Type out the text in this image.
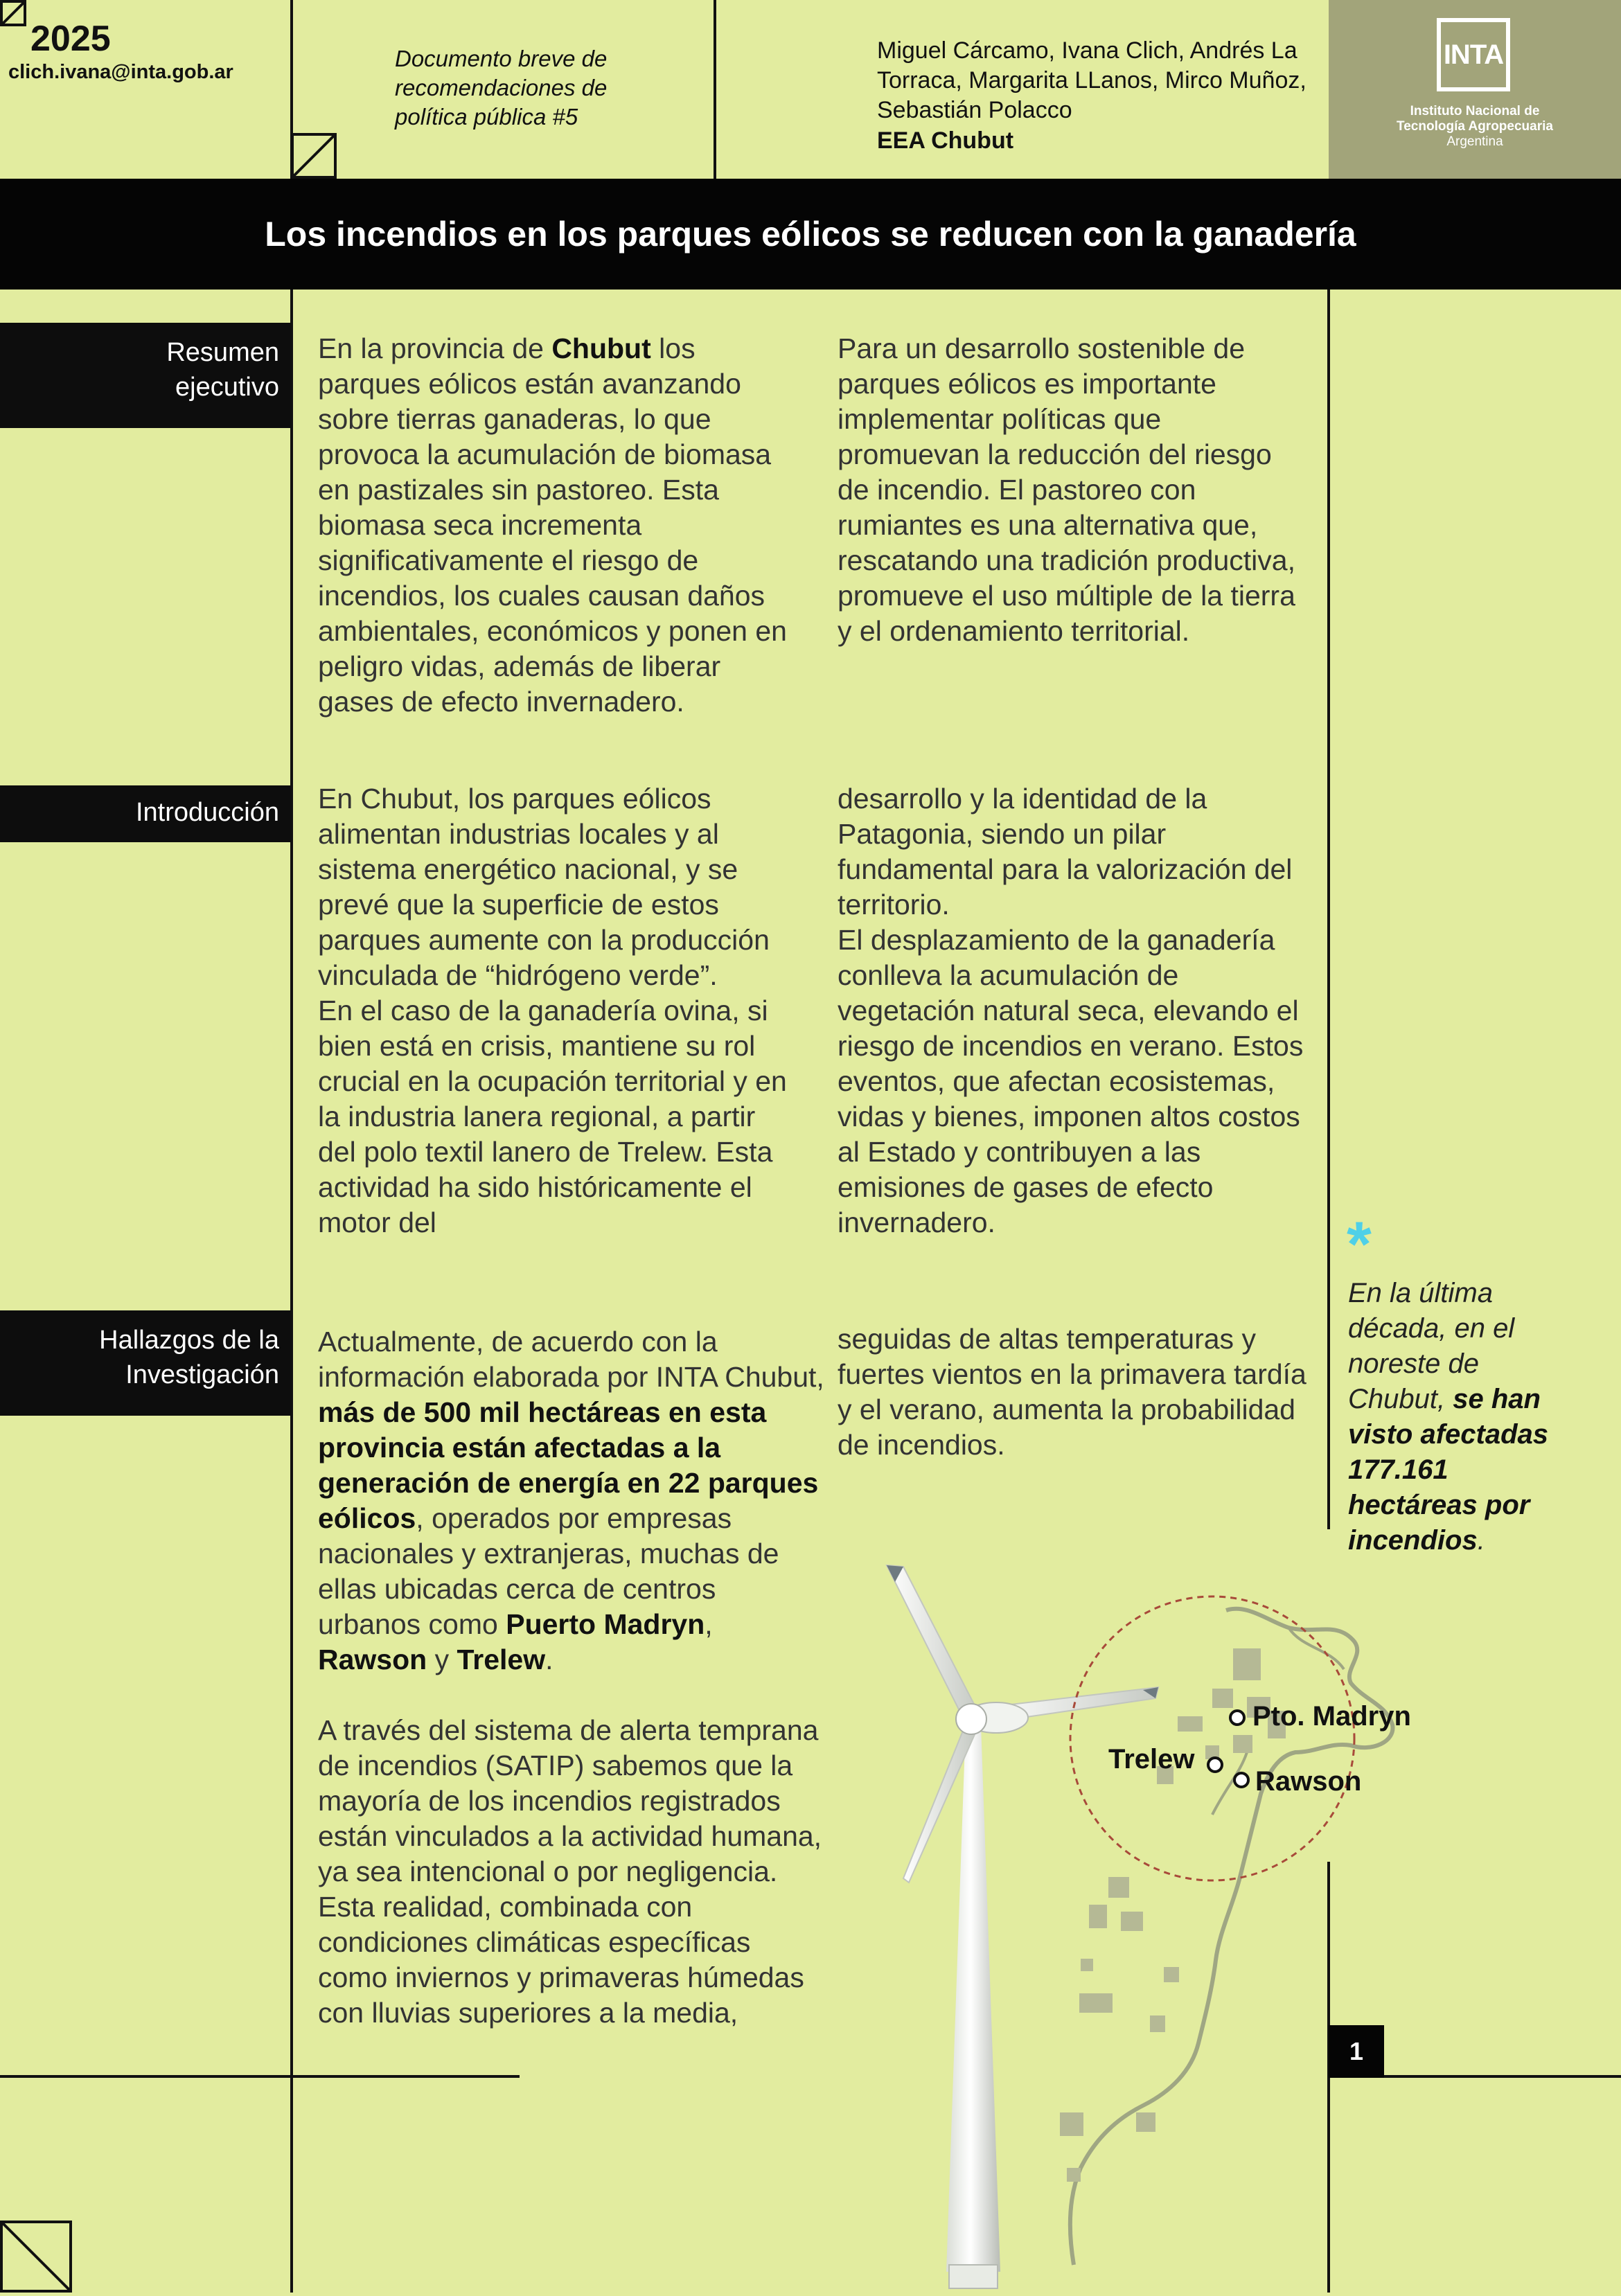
2025
clich.ivana@inta.gob.ar
Documento breve de recomendaciones de política pública #5
Miguel Cárcamo, Ivana Clich, Andrés La Torraca, Margarita LLanos, Mirco Muñoz, Sebastián Polacco
EEA Chubut
INTA
Instituto Nacional de
Tecnología Agropecuaria
Argentina
Los incendios en los parques eólicos se reducen con la ganadería
Pto. Madryn
Trelew
Rawson
Resumen ejecutivo
En la provincia de Chubut los parques eólicos están avanzando sobre tierras ganaderas, lo que provoca la acumulación de biomasa en pastizales sin pastoreo. Esta biomasa seca incrementa significativamente el riesgo de incendios, los cuales causan daños ambientales, económicos y ponen en peligro vidas, además de liberar gases de efecto invernadero.
Para un desarrollo sostenible de parques eólicos es importante implementar políticas que promuevan la reducción del riesgo de incendio. El pastoreo con rumiantes es una alternativa que, rescatando una tradición productiva, promueve el uso múltiple de la tierra y el ordenamiento territorial.
Introducción	En Chubut, los parques eólicos alimentan industrias locales y al sistema energético nacional, y se prevé que la superficie de estos parques aumente con la producción vinculada de “hidrógeno verde”.

En el caso de la ganadería ovina, si bien está en crisis, mantiene su rol crucial en la ocupación territorial y en la industria lanera regional, a partir del polo textil lanero de Trelew. Esta actividad ha sido históricamente el motor del

desarrollo y la identidad de la Patagonia, siendo un pilar fundamental para la valorización del territorio.

El desplazamiento de la ganadería conlleva la acumulación de vegetación natural seca, elevando el riesgo de incendios en verano. Estos eventos, que afectan ecosistemas, vidas y bienes, imponen altos costos al Estado y contribuyen a las emisiones de gases de efecto invernadero.

Hallazgos de la Investigación

Actualmente, de acuerdo con la información elaborada por INTA Chubut, más de 500 mil hectáreas en esta provincia están afectadas a la generación de energía en 22 parques eólicos, operados por empresas nacionales y extranjeras, muchas de ellas ubicadas cerca de centros urbanos como Puerto Madryn, Rawson y Trelew.

A través del sistema de alerta temprana de incendios (SATIP) sabemos que la mayoría de los incendios registrados están vinculados a la actividad humana, ya sea intencional o por negligencia. Esta realidad, combinada con condiciones climáticas específicas como inviernos y primaveras húmedas con lluvias superiores a la media,

seguidas de altas temperaturas y fuertes vientos en la primavera tardía y el verano, aumenta la probabilidad de incendios.
*
En la última década, en el noreste de Chubut, se han visto afectadas 177.161 hectáreas por incendios.
1
